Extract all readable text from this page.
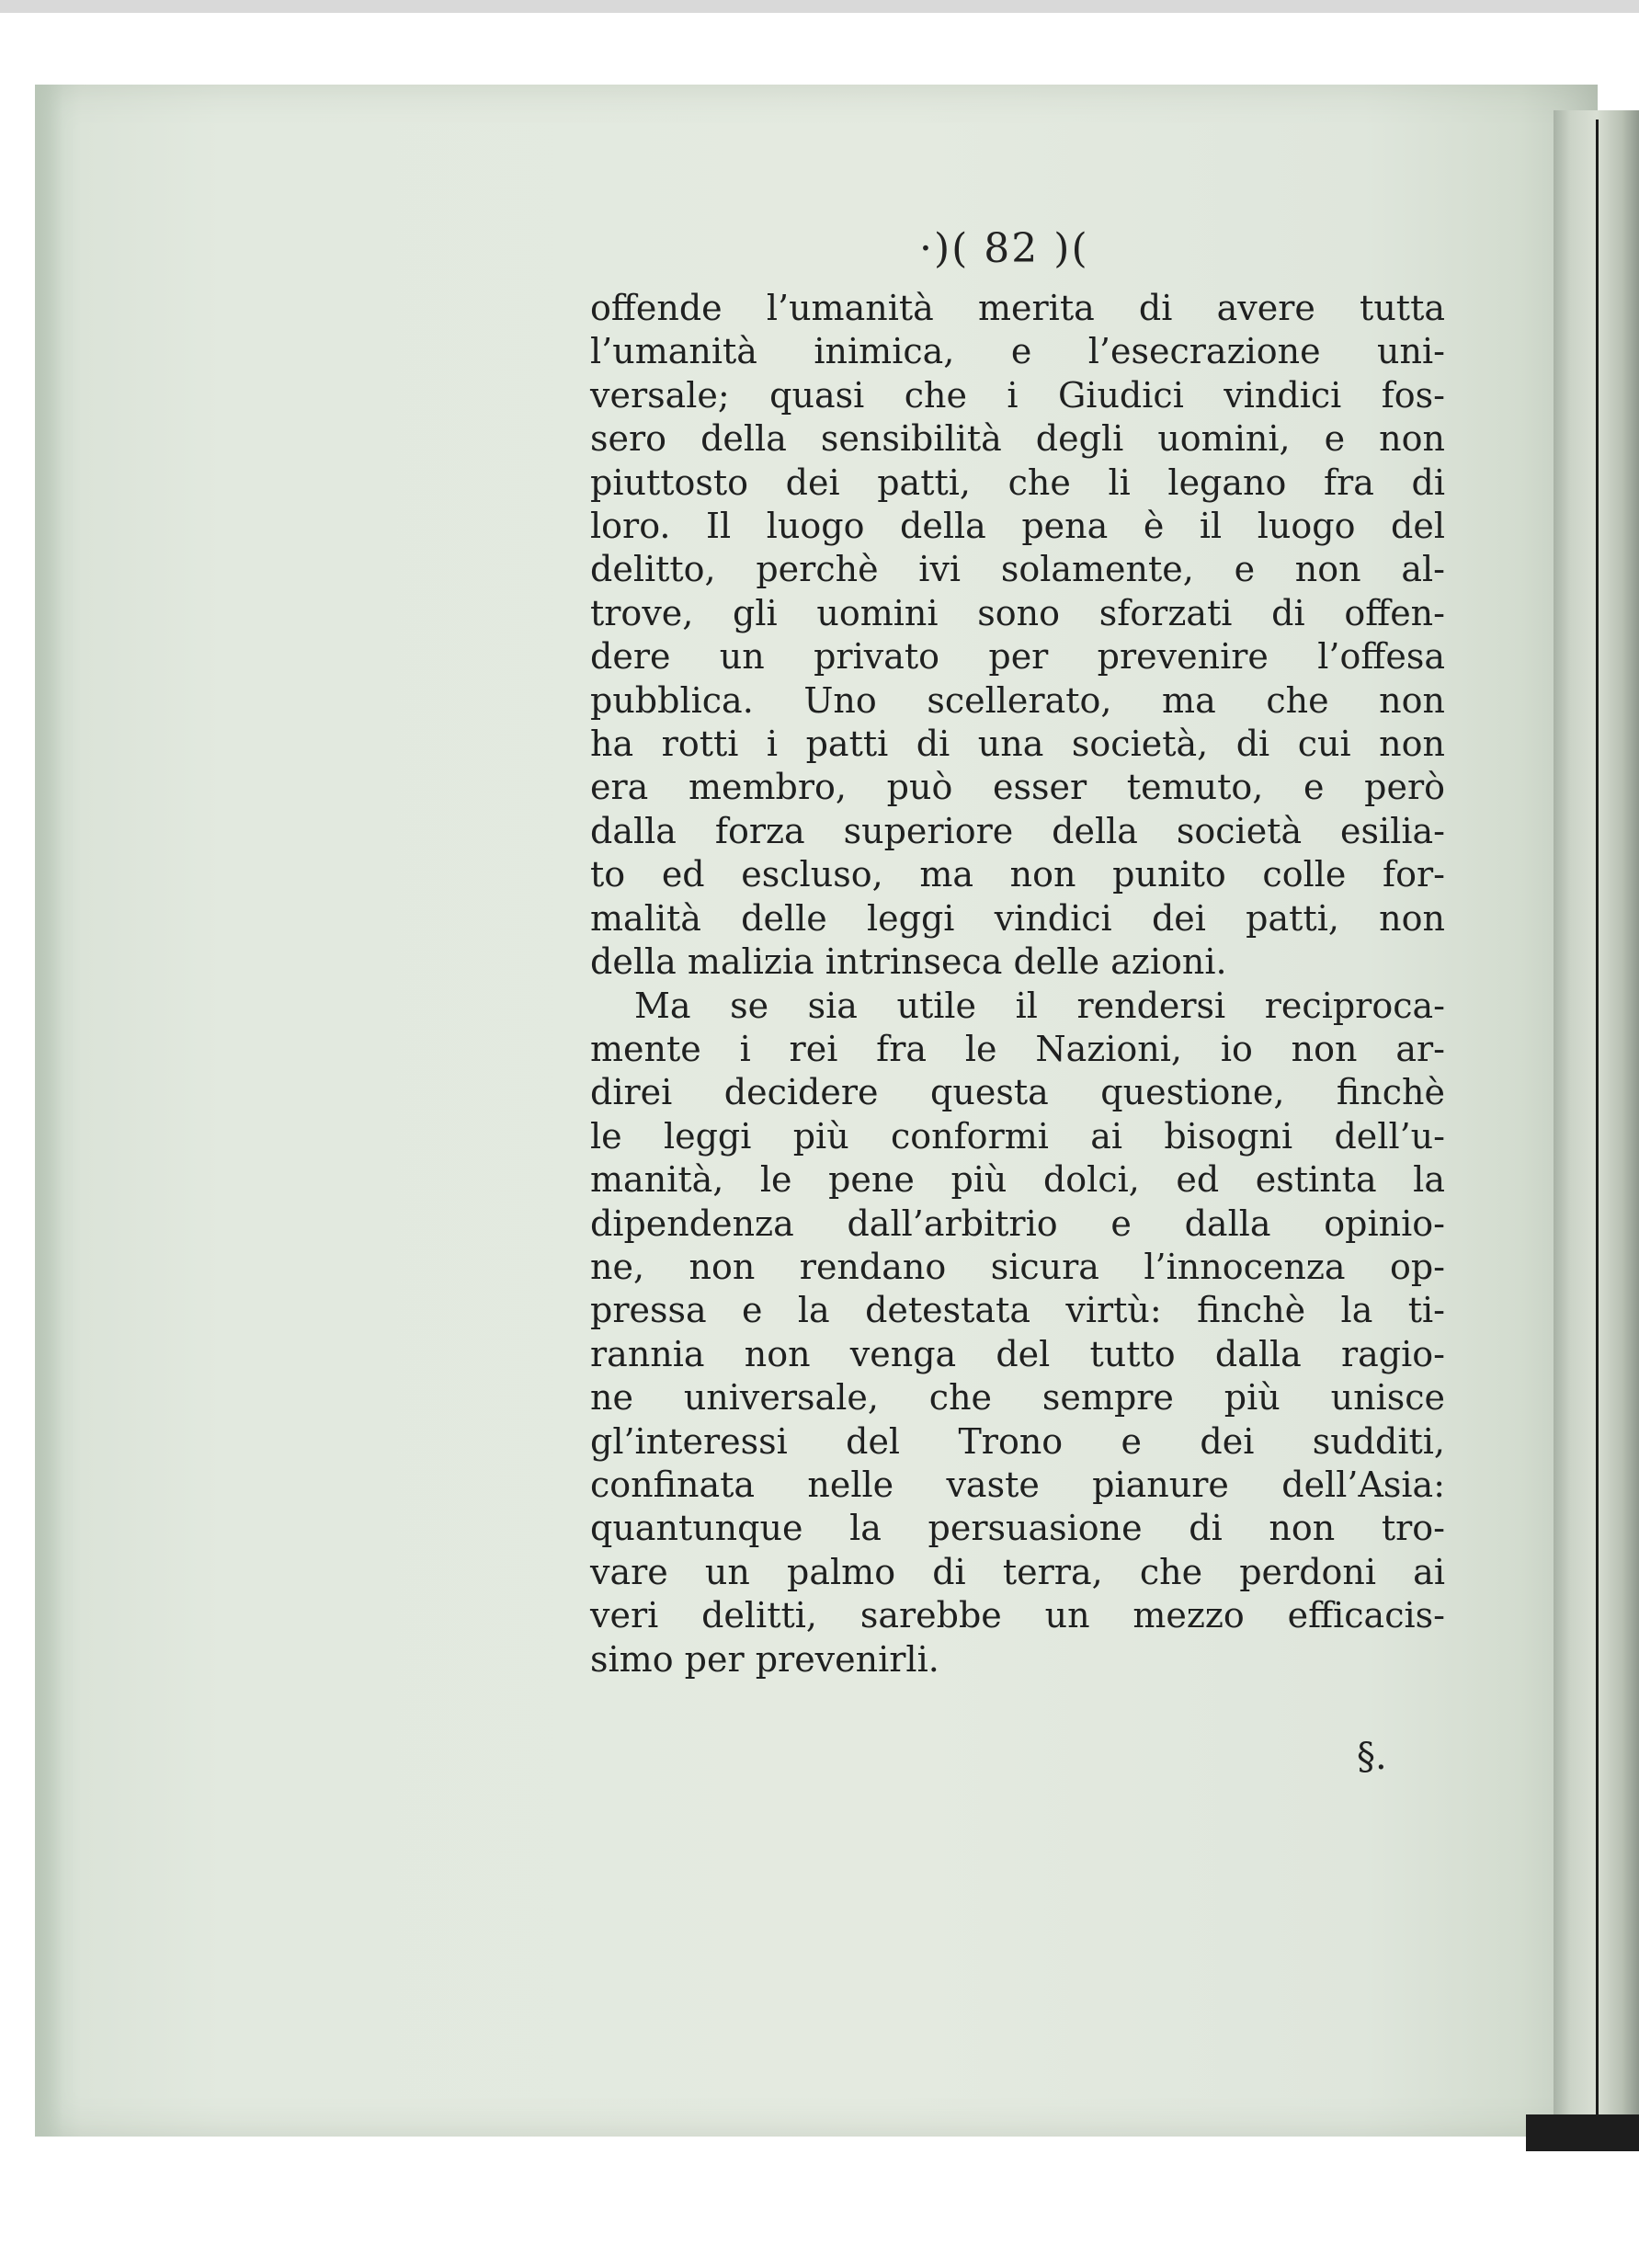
·)( 82 )(
offende l’umanità merita di avere tutta
l’umanità inimica, e l’esecrazione uni-
versale; quasi che i Giudici vindici fos-
sero della sensibilità degli uomini, e non
piuttosto dei patti, che li legano fra di
loro. Il luogo della pena è il luogo del
delitto, perchè ivi solamente, e non al-
trove, gli uomini sono sforzati di offen-
dere un privato per prevenire l’offesa
pubblica. Uno scellerato, ma che non
ha rotti i patti di una società, di cui non
era membro, può esser temuto, e però
dalla forza superiore della società esilia-
to ed escluso, ma non punito colle for-
malità delle leggi vindici dei patti, non
della malizia intrinseca delle azioni.
Ma se sia utile il rendersi reciproca-
mente i rei fra le Nazioni, io non ar-
direi decidere questa questione, finchè
le leggi più conformi ai bisogni dell’u-
manità, le pene più dolci, ed estinta la
dipendenza dall’arbitrio e dalla opinio-
ne, non rendano sicura l’innocenza op-
pressa e la detestata virtù: finchè la ti-
rannia non venga del tutto dalla ragio-
ne universale, che sempre più unisce
gl’interessi del Trono e dei sudditi,
confinata nelle vaste pianure dell’Asia:
quantunque la persuasione di non tro-
vare un palmo di terra, che perdoni ai
veri delitti, sarebbe un mezzo efficacis-
simo per prevenirli.
§.
